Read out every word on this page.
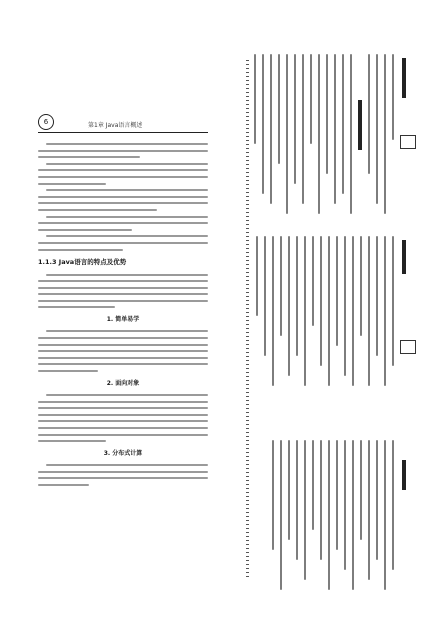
6	第1章 Java语言概述
1.1.3 Java语言的特点及优势
1. 简单易学
2. 面向对象
3. 分布式计算
